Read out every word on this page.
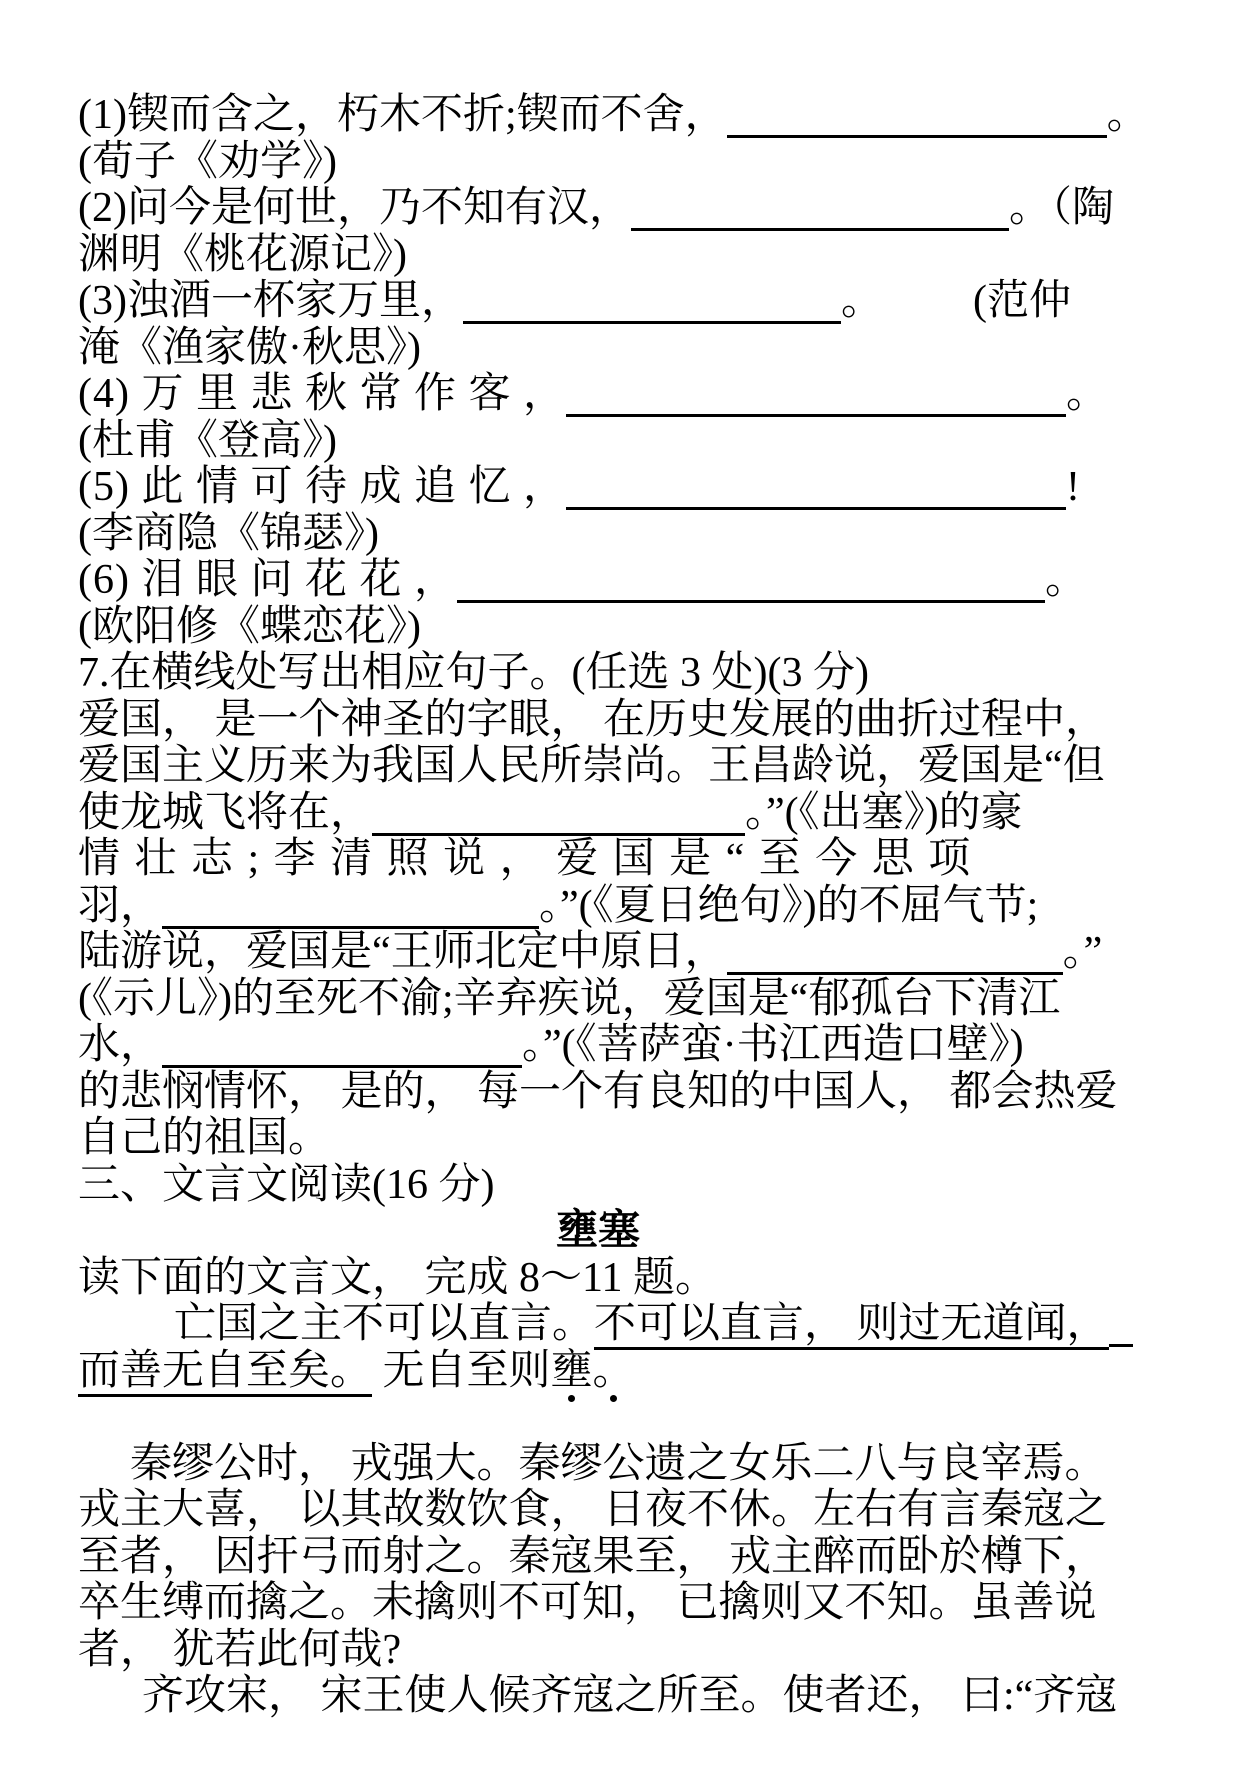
(1)锲而含之，朽木不折;锲而不舍，	。
(荀子《劝学》)
(2)问今是何世，乃不知有汉，	。（陶
渊明《桃花源记》)
(3)浊酒一杯家万里，	。 (范仲
淹《渔家傲·秋思》)
(4) 万 里 悲 秋 常 作 客 ，	。
(杜甫《登高》)
(5) 此 情 可 待 成 追 忆 ，	!
(李商隐《锦瑟》)
(6) 泪 眼 问 花 花 ，	。
(欧阳修《蝶恋花》)
7.在横线处写出相应句子。(任选 3 处)(3 分)
爱国， 是一个神圣的字眼， 在历史发展的曲折过程中，
爱国主义历来为我国人民所崇尚。王昌龄说，爱国是“但
使龙城飞将在，	。”(《出塞》)的豪
情 壮 志 ; 李 清 照 说 ， 爱 国 是 “ 至 今 思 项
羽，	。”(《夏日绝句》)的不屈气节;
陆游说，爱国是“王师北定中原日，	。”
(《示儿》)的至死不渝;辛弃疾说，爱国是“郁孤台下清江
水，	。”(《菩萨蛮·书江西造口壁》)
的悲悯情怀， 是的， 每一个有良知的中国人， 都会热爱
自己的祖国。
三、文言文阅读(16 分)
壅塞
读下面的文言文， 完成 8～11 题。
亡国之主不可以直言。不可以直言， 则过无道闻，
而善无自至矣。 无自至则壅。
秦缪公时， 戎强大。秦缪公遗之女乐二八与良宰焉。
戎主大喜， 以其故数饮食， 日夜不休。左右有言秦寇之
至者， 因扞弓而射之。秦寇果至， 戎主醉而卧於樽下，
卒生缚而擒之。未擒则不可知， 已擒则又不知。虽善说
者， 犹若此何哉?
齐攻宋， 宋王使人候齐寇之所至。使者还， 曰:“齐寇
